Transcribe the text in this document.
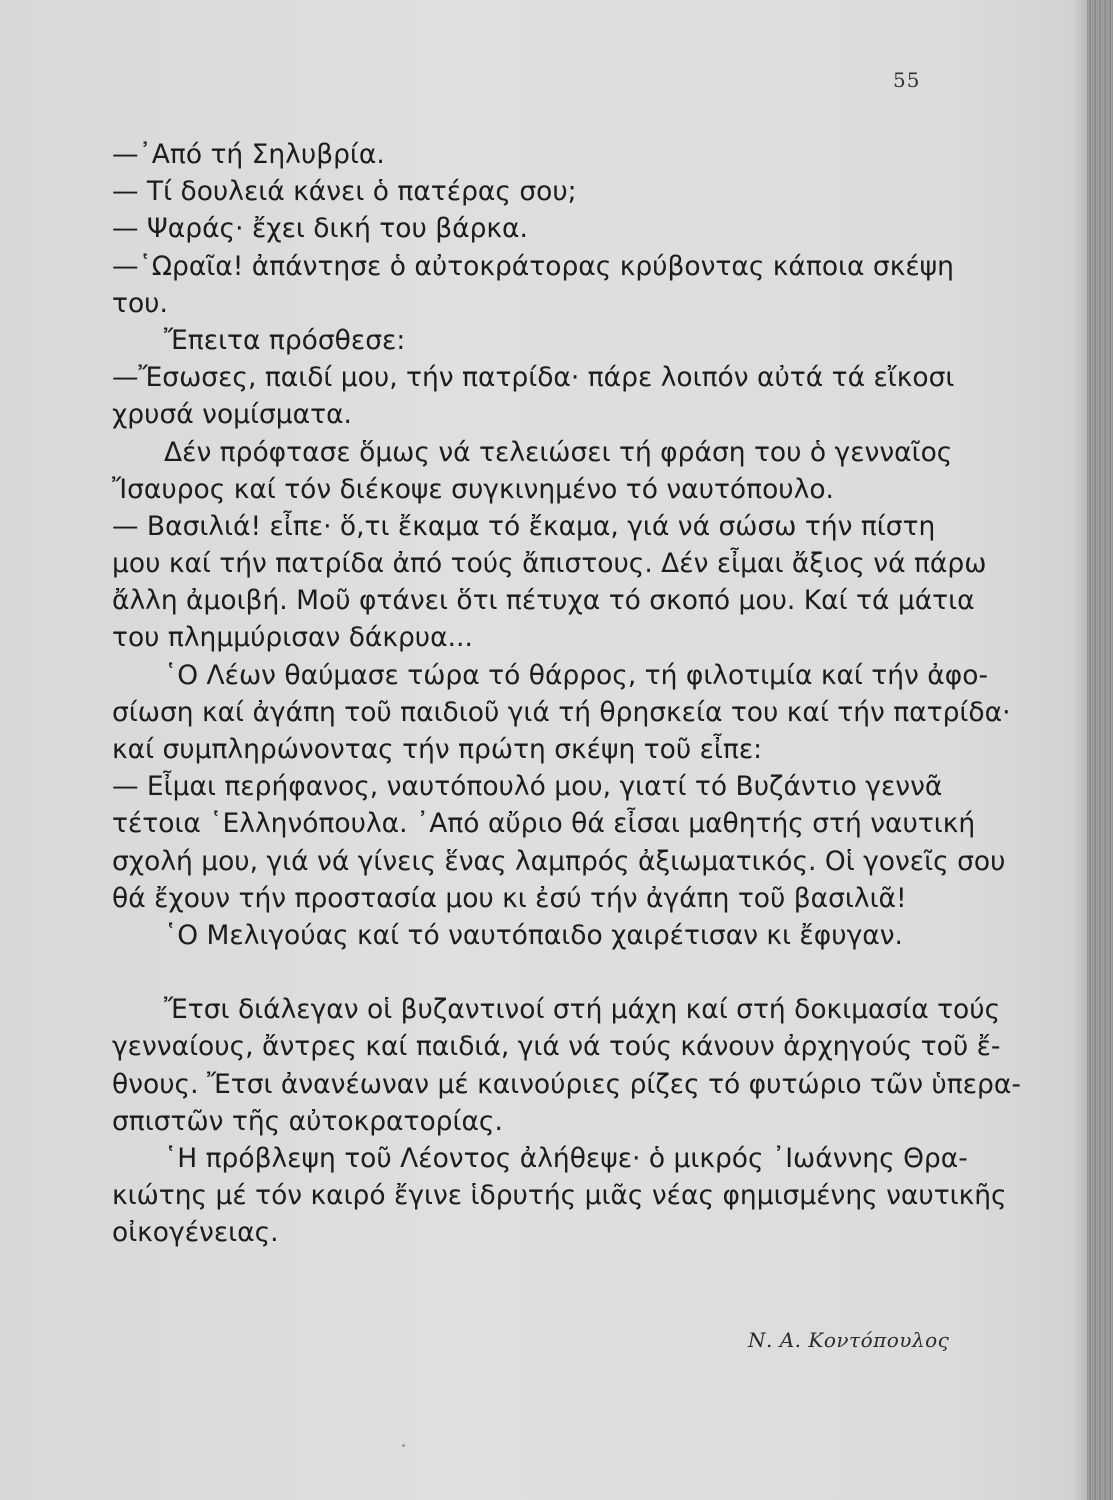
55
—᾿Από τή Σηλυβρία.
— Τί δουλειά κάνει ὁ πατέρας σου;
— Ψαράς· ἔχει δική του βάρκα.
—῾Ωραῖα! ἀπάντησε ὁ αὐτοκράτορας κρύβοντας κάποια σκέψη
του.
Ἔπειτα πρόσθεσε:
—Ἔσωσες, παιδί μου, τήν πατρίδα· πάρε λοιπόν αὐτά τά εἴκοσι
χρυσά νομίσματα.
Δέν πρόφτασε ὅμως νά τελειώσει τή φράση του ὁ γενναῖος
Ἴσαυρος καί τόν διέκοψε συγκινημένο τό ναυτόπουλο.
— Βασιλιά! εἶπε· ὅ,τι ἔκαμα τό ἔκαμα, γιά νά σώσω τήν πίστη
μου καί τήν πατρίδα ἀπό τούς ἄπιστους. Δέν εἶμαι ἄξιος νά πάρω
ἄλλη ἀμοιβή. Μοῦ φτάνει ὅτι πέτυχα τό σκοπό μου. Καί τά μάτια
του πλημμύρισαν δάκρυα...
῾Ο Λέων θαύμασε τώρα τό θάρρος, τή φιλοτιμία καί τήν ἀφο-
σίωση καί ἀγάπη τοῦ παιδιοῦ γιά τή θρησκεία του καί τήν πατρίδα·
καί συμπληρώνοντας τήν πρώτη σκέψη τοῦ εἶπε:
— Εἶμαι περήφανος, ναυτόπουλό μου, γιατί τό Βυζάντιο γεννᾶ
τέτοια ῾Ελληνόπουλα. ᾿Από αὔριο θά εἶσαι μαθητής στή ναυτική
σχολή μου, γιά νά γίνεις ἕνας λαμπρός ἀξιωματικός. Οἱ γονεῖς σου
θά ἔχουν τήν προστασία μου κι ἐσύ τήν ἀγάπη τοῦ βασιλιᾶ!
῾Ο Μελιγούας καί τό ναυτόπαιδο χαιρέτισαν κι ἔφυγαν.
Ἔτσι διάλεγαν οἱ βυζαντινοί στή μάχη καί στή δοκιμασία τούς
γενναίους, ἄντρες καί παιδιά, γιά νά τούς κάνουν ἀρχηγούς τοῦ ἔ-
θνους. Ἔτσι ἀνανέωναν μέ καινούριες ρίζες τό φυτώριο τῶν ὑπερα-
σπιστῶν τῆς αὐτοκρατορίας.
῾Η πρόβλεψη τοῦ Λέοντος ἀλήθεψε· ὁ μικρός ᾿Ιωάννης Θρα-
κιώτης μέ τόν καιρό ἔγινε ἱδρυτής μιᾶς νέας φημισμένης ναυτικῆς
οἰκογένειας.
Ν. Α. Κοντόπουλος
